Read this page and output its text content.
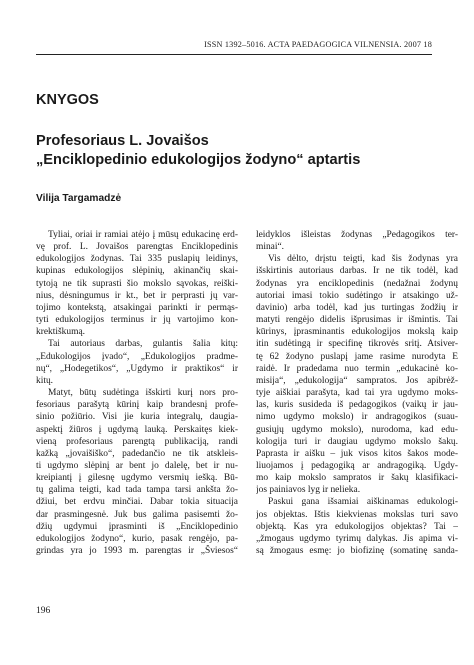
ISSN 1392–5016. ACTA PAEDAGOGICA VILNENSIA. 2007 18
KNYGOS
Profesoriaus L. Jovaišos
„Enciklopedinio edukologijos žodyno“ aptartis
Vilija Targamadzė
Tyliai, oriai ir ramiai atėjo į mūsų edukacinę erd-
vę prof. L. Jovaišos parengtas Enciklopedinis
edukologijos žodynas. Tai 335 puslapių leidinys,
kupinas edukologijos slėpinių, akinančių skai-
tytoją ne tik suprasti šio mokslo sąvokas, reiški-
nius, dėsningumus ir kt., bet ir perprasti jų var-
tojimo kontekstą, atsakingai parinkti ir permąs-
tyti edukologijos terminus ir jų vartojimo kon-
krektiškumą.
Tai autoriaus darbas, gulantis šalia kitų:
„Edukologijos įvado“, „Edukologijos pradme-
nų“, „Hodegetikos“, „Ugdymo ir praktikos“ ir
kitų.
Matyt, būtų sudėtinga išskirti kurį nors pro-
fesoriaus parašytą kūrinį kaip brandesnį profe-
sinio požiūrio. Visi jie kuria integralų, daugia-
aspektį žiūros į ugdymą lauką. Perskaitęs kiek-
vieną profesoriaus parengtą publikaciją, randi
kažką „jovaišiško“, padedančio ne tik atskleis-
ti ugdymo slėpinį ar bent jo dalelę, bet ir nu-
kreipiantį į gilesnę ugdymo versmių iešką. Bū-
tų galima teigti, kad tada tampa tarsi ankšta žo-
džiui, bet erdvu minčiai. Dabar tokia situacija
dar prasmingesnė. Juk bus galima pasisemti žo-
džių ugdymui įprasminti iš „Enciklopedinio
edukologijos žodyno“, kurio, pasak rengėjo, pa-
grindas yra jo 1993 m. parengtas ir „Šviesos“
leidyklos išleistas žodynas „Pedagogikos ter-
minai“.
Vis dėlto, drįstu teigti, kad šis žodynas yra
išskirtinis autoriaus darbas. Ir ne tik todėl, kad
žodynas yra enciklopedinis (nedažnai žodynų
autoriai imasi tokio sudėtingo ir atsakingo už-
davinio) arba todėl, kad jus turtingas žodžių ir
matyti rengėjo didelis išprusimas ir išmintis. Tai
kūrinys, įprasminantis edukologijos mokslą kaip
itin sudėtingą ir specifinę tikrovės sritį. Atsiver-
tę 62 žodyno puslapį jame rasime nurodyta E
raidė. Ir pradedama nuo termin „edukacinė ko-
misija“, „edukologija“ sampratos. Jos apibrėž-
tyje aiškiai parašyta, kad tai yra ugdymo moks-
las, kuris susideda iš pedagogikos (vaikų ir jau-
nimo ugdymo mokslo) ir andragogikos (suau-
gusiųjų ugdymo mokslo), nurodoma, kad edu-
kologija turi ir daugiau ugdymo mokslo šakų.
Paprasta ir aišku – juk visos kitos šakos mode-
liuojamos į pedagogiką ar andragogiką. Ugdy-
mo kaip mokslo sampratos ir šakų klasifikaci-
jos painiavos lyg ir nelieka.
Paskui gana išsamiai aiškinamas edukologi-
jos objektas. Ištis kiekvienas mokslas turi savo
objektą. Kas yra edukologijos objektas? Tai –
„žmogaus ugdymo tyrimų dalykas. Jis apima vi-
są žmogaus esmę: jo biofizinę (somatinę sanda-
196
